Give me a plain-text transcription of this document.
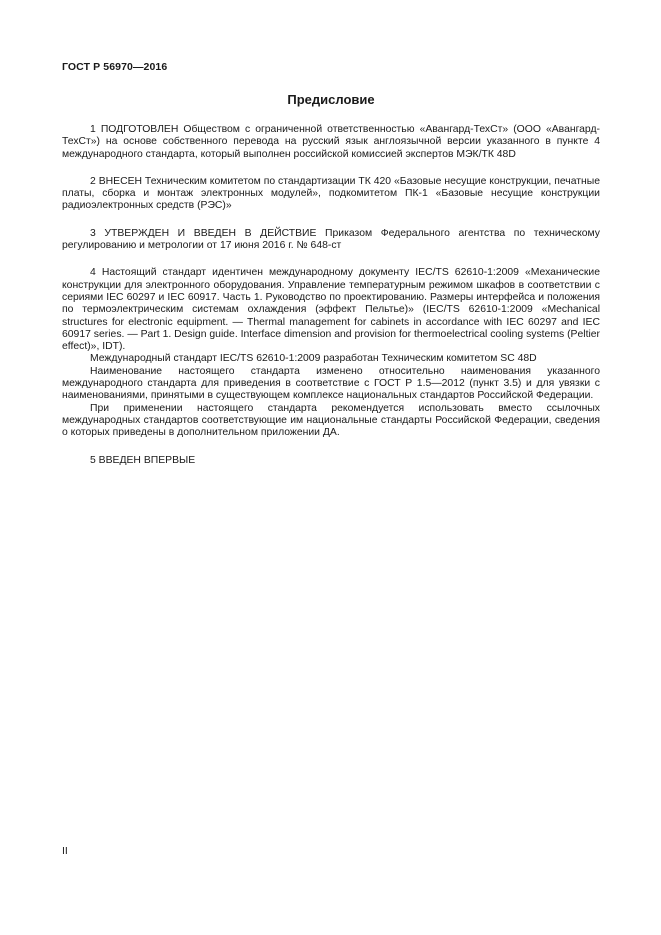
ГОСТ Р 56970—2016
Предисловие

1 ПОДГОТОВЛЕН Обществом с ограниченной ответственностью «Авангард-ТехСт» (ООО «Авангард-ТехСт») на основе собственного перевода на русский язык англоязычной версии указанного в пункте 4 международного стандарта, который выполнен российской комиссией экспертов МЭК/ТК 48D

2 ВНЕСЕН Техническим комитетом по стандартизации ТК 420 «Базовые несущие конструкции, печатные платы, сборка и монтаж электронных модулей», подкомитетом ПК-1 «Базовые несущие конструкции радиоэлектронных средств (РЭС)»

3 УТВЕРЖДЕН И ВВЕДЕН В ДЕЙСТВИЕ Приказом Федерального агентства по техническому регулированию и метрологии от 17 июня 2016 г. № 648-ст

4 Настоящий стандарт идентичен международному документу IEC/TS 62610-1:2009 «Механические конструкции для электронного оборудования. Управление температурным режимом шкафов в соответствии с сериями IEC 60297 и IEC 60917. Часть 1. Руководство по проектированию. Размеры интерфейса и положения по термоэлектрическим системам охлаждения (эффект Пельтье)» (IEC/TS 62610-1:2009 «Mechanical structures for electronic equipment. — Thermal management for cabinets in accordance with IEC 60297 and IEC 60917 series. — Part 1. Design guide. Interface dimension and provision for thermoelectrical cooling systems (Peltier effect)», IDT).

Международный стандарт IEC/TS 62610-1:2009 разработан Техническим комитетом SC 48D

Наименование настоящего стандарта изменено относительно наименования указанного международного стандарта для приведения в соответствие с ГОСТ Р 1.5—2012 (пункт 3.5) и для увязки с наименованиями, принятыми в существующем комплексе национальных стандартов Российской Федерации.

При применении настоящего стандарта рекомендуется использовать вместо ссылочных международных стандартов соответствующие им национальные стандарты Российской Федерации, сведения о которых приведены в дополнительном приложении ДА.

5 ВВЕДЕН ВПЕРВЫЕ

II
